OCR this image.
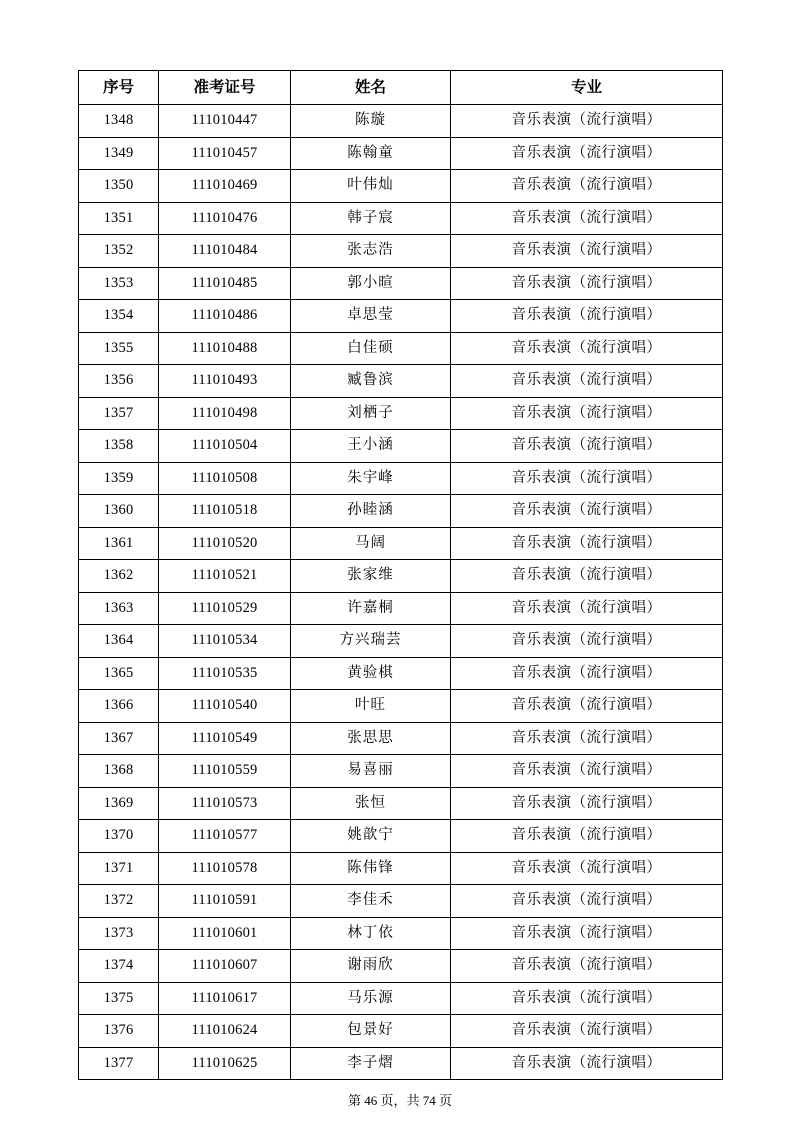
序号	准考证号	姓名	专业
1348	111010447	陈璇	音乐表演（流行演唱）
1349	111010457	陈翰童	音乐表演（流行演唱）
1350	111010469	叶伟灿	音乐表演（流行演唱）
1351	111010476	韩子宸	音乐表演（流行演唱）
1352	111010484	张志浩	音乐表演（流行演唱）
1353	111010485	郭小暄	音乐表演（流行演唱）
1354	111010486	卓思莹	音乐表演（流行演唱）
1355	111010488	白佳硕	音乐表演（流行演唱）
1356	111010493	臧鲁滨	音乐表演（流行演唱）
1357	111010498	刘栖子	音乐表演（流行演唱）
1358	111010504	王小涵	音乐表演（流行演唱）
1359	111010508	朱宇峰	音乐表演（流行演唱）
1360	111010518	孙睦涵	音乐表演（流行演唱）
1361	111010520	马阔	音乐表演（流行演唱）
1362	111010521	张家维	音乐表演（流行演唱）
1363	111010529	许嘉桐	音乐表演（流行演唱）
1364	111010534	方兴瑞芸	音乐表演（流行演唱）
1365	111010535	黄验棋	音乐表演（流行演唱）
1366	111010540	叶旺	音乐表演（流行演唱）
1367	111010549	张思思	音乐表演（流行演唱）
1368	111010559	易喜丽	音乐表演（流行演唱）
1369	111010573	张恒	音乐表演（流行演唱）
1370	111010577	姚歆宁	音乐表演（流行演唱）
1371	111010578	陈伟锋	音乐表演（流行演唱）
1372	111010591	李佳禾	音乐表演（流行演唱）
1373	111010601	林丁依	音乐表演（流行演唱）
1374	111010607	谢雨欣	音乐表演（流行演唱）
1375	111010617	马乐源	音乐表演（流行演唱）
1376	111010624	包景好	音乐表演（流行演唱）
1377	111010625	李子熠	音乐表演（流行演唱）
第 46 页，共 74 页
